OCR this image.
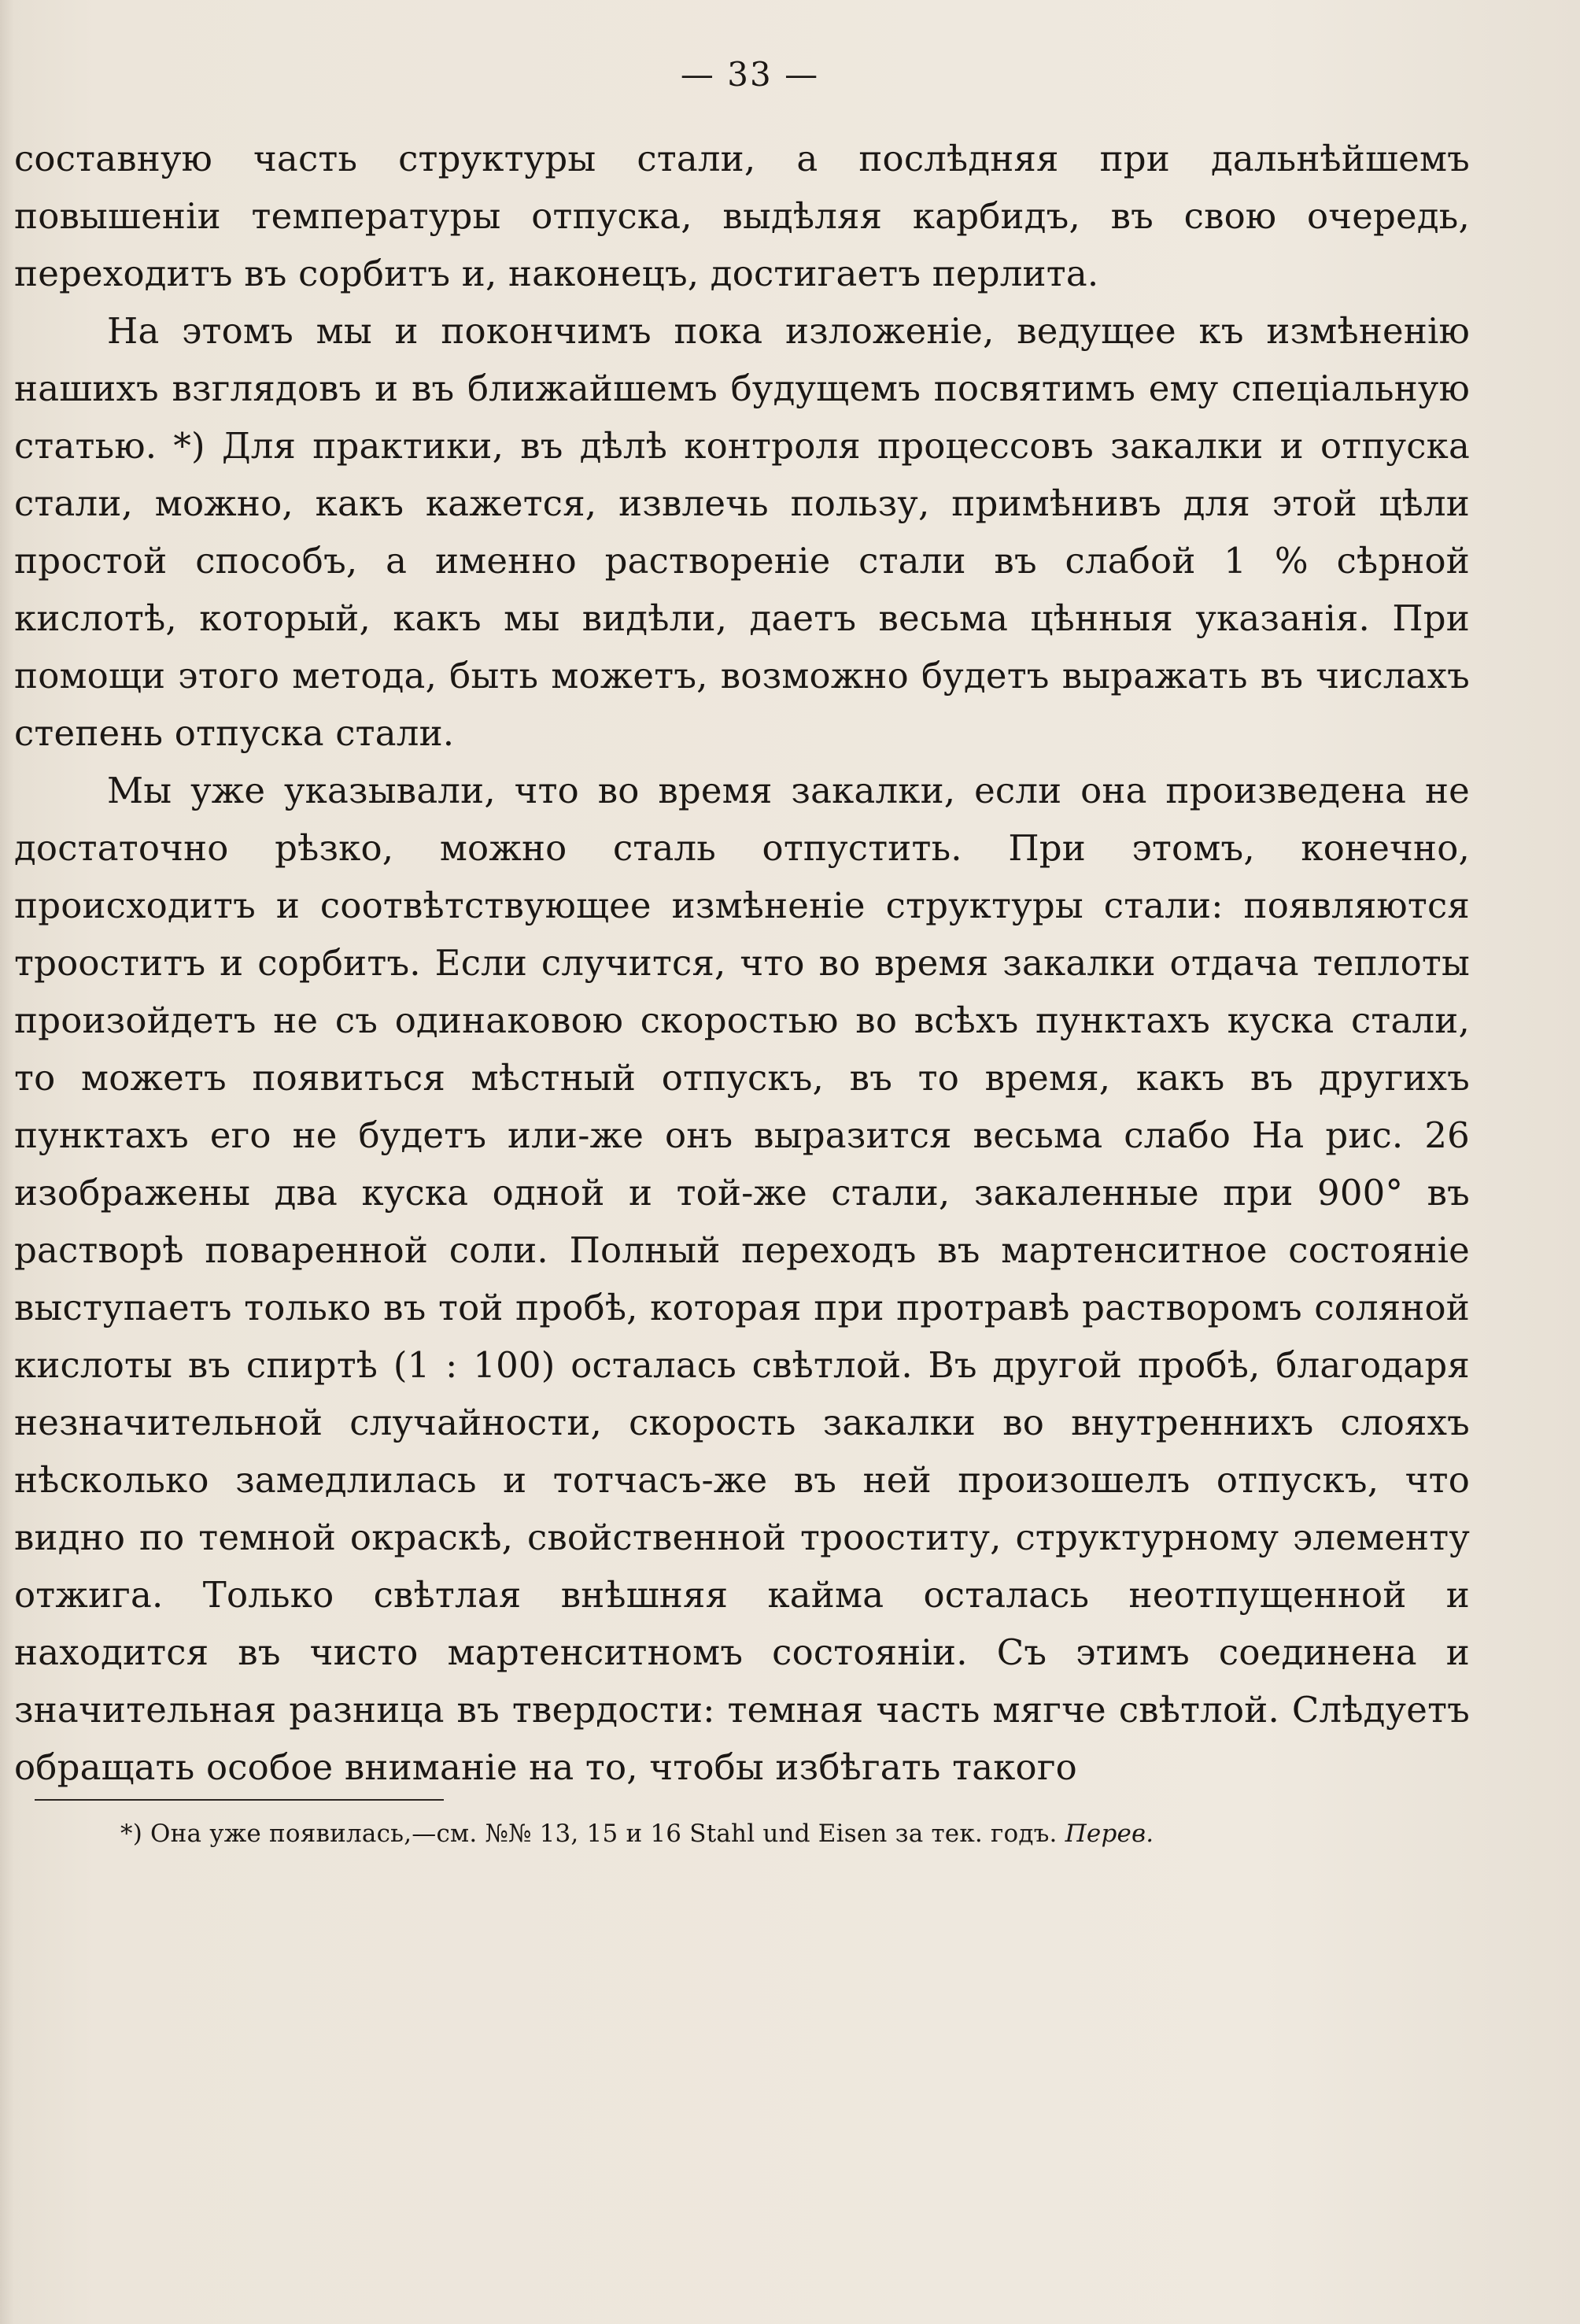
— 33 —

составную часть структуры стали, а послѣдняя при дальнѣйшемъ повышеніи температуры отпуска, выдѣляя карбидъ, въ свою очередь, переходитъ въ сорбитъ и, наконецъ, достигаетъ перлита.

На этомъ мы и покончимъ пока изложеніе, ведущее къ измѣненію нашихъ взглядовъ и въ ближайшемъ будущемъ посвятимъ ему спеціальную статью. *) Для практики, въ дѣлѣ контроля процессовъ закалки и отпуска стали, можно, какъ кажется, извлечь пользу, примѣнивъ для этой цѣли простой способъ, а именно раствореніе стали въ слабой 1 % сѣрной кислотѣ, который, какъ мы видѣли, даетъ весьма цѣнныя указанія. При помощи этого метода, быть можетъ, возможно будетъ выражать въ числахъ степень отпуска стали.

Мы уже указывали, что во время закалки, если она произведена не достаточно рѣзко, можно сталь отпустить. При этомъ, конечно, происходитъ и соотвѣтствующее измѣненіе структуры стали: появляются трооститъ и сорбитъ. Если случится, что во время закалки отдача теплоты произойдетъ не съ одинаковою скоростью во всѣхъ пунктахъ куска стали, то можетъ появиться мѣстный отпускъ, въ то время, какъ въ другихъ пунктахъ его не будетъ или-же онъ выразится весьма слабо На рис. 26 изображены два куска одной и той-же стали, закаленные при 900° въ растворѣ поваренной соли. Полный переходъ въ мартенситное состояніе выступаетъ только въ той пробѣ, которая при протравѣ растворомъ соляной кислоты въ спиртѣ (1 : 100) осталась свѣтлой. Въ другой пробѣ, благодаря незначительной случайности, скорость закалки во внутреннихъ слояхъ нѣсколько замедлилась и тотчасъ-же въ ней произошелъ отпускъ, что видно по темной окраскѣ, свойственной трооститу, структурному элементу отжига. Только свѣтлая внѣшняя кайма осталась неотпущенной и находится въ чисто мартенситномъ состояніи. Съ этимъ соединена и значительная разница въ твердости: темная часть мягче свѣтлой. Слѣдуетъ обращать особое вниманіе на то, чтобы избѣгать такого

*) Она уже появилась,—см. №№ 13, 15 и 16 Stahl und Eisen за тек. годъ. Перев.
